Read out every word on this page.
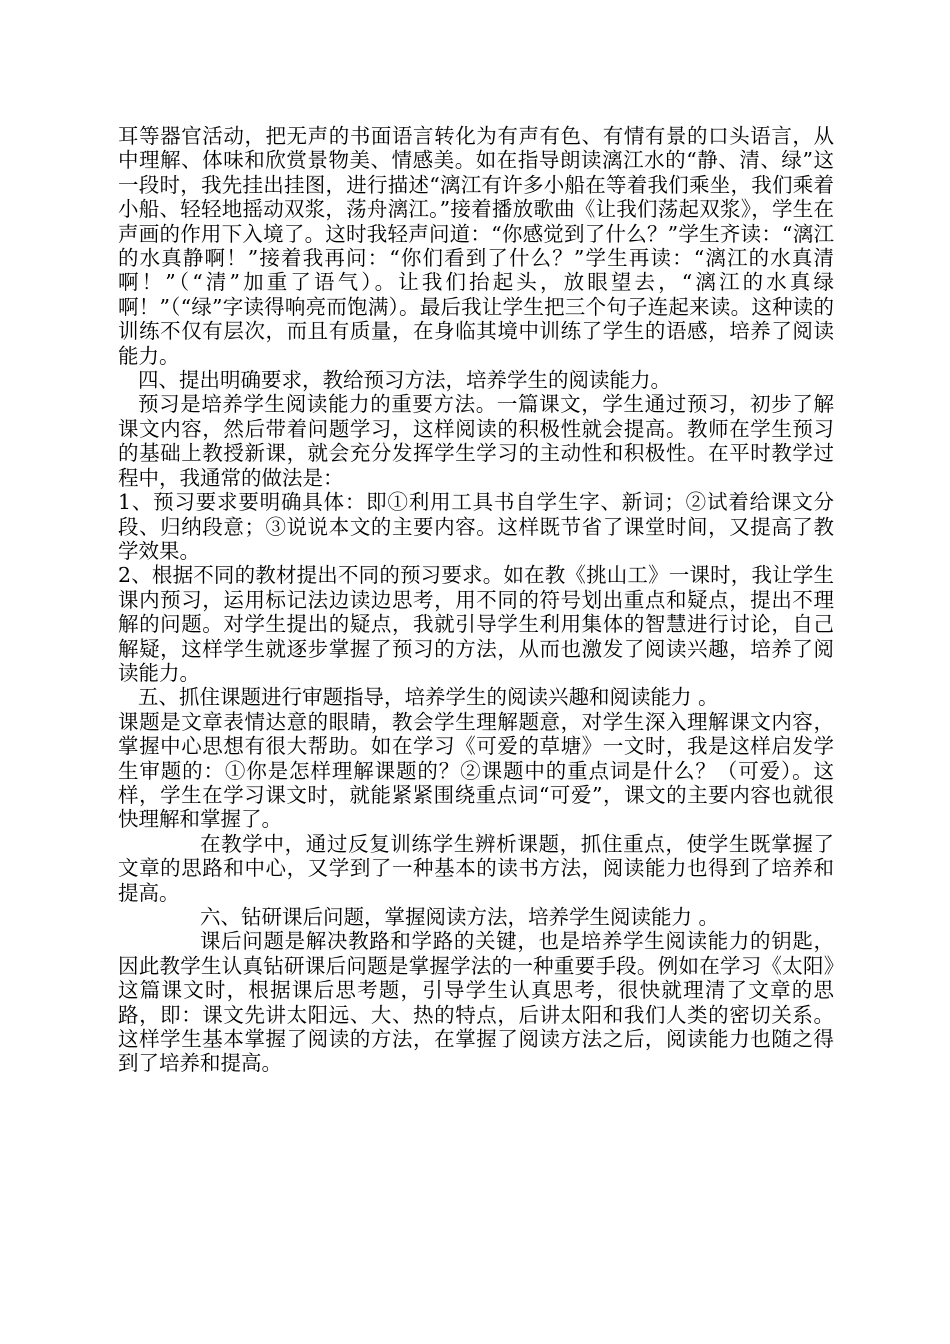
耳等器官活动，把无声的书面语言转化为有声有色、有情有景的口头语言，从中理解、体味和欣赏景物美、情感美。如在指导朗读漓江水的“静、清、绿”这一段时，我先挂出挂图，进行描述“漓江有许多小船在等着我们乘坐，我们乘着小船、轻轻地摇动双浆，荡舟漓江。”接着播放歌曲《让我们荡起双浆》，学生在声画的作用下入境了。这时我轻声问道：“你感觉到了什么？”学生齐读：“漓江的水真静啊！”接着我再问：“你们看到了什么？”学生再读：“漓江的水真清啊！”（“清”加重了语气）。让我们抬起头，放眼望去，“漓江的水真绿啊！”（“绿”字读得响亮而饱满）。最后我让学生把三个句子连起来读。这种读的训练不仅有层次，而且有质量，在身临其境中训练了学生的语感，培养了阅读能力。

四、提出明确要求，教给预习方法，培养学生的阅读能力。

预习是培养学生阅读能力的重要方法。一篇课文，学生通过预习，初步了解课文内容，然后带着问题学习，这样阅读的积极性就会提高。教师在学生预习的基础上教授新课，就会充分发挥学生学习的主动性和积极性。在平时教学过程中，我通常的做法是：

1、预习要求要明确具体：即①利用工具书自学生字、新词；②试着给课文分段、归纳段意；③说说本文的主要内容。这样既节省了课堂时间，又提高了教学效果。

2、根据不同的教材提出不同的预习要求。如在教《挑山工》一课时，我让学生课内预习，运用标记法边读边思考，用不同的符号划出重点和疑点，提出不理解的问题。对学生提出的疑点，我就引导学生利用集体的智慧进行讨论，自己解疑，这样学生就逐步掌握了预习的方法，从而也激发了阅读兴趣，培养了阅读能力。

五、抓住课题进行审题指导，培养学生的阅读兴趣和阅读能力 。

课题是文章表情达意的眼睛，教会学生理解题意，对学生深入理解课文内容，掌握中心思想有很大帮助。如在学习《可爱的草塘》一文时，我是这样启发学生审题的：①你是怎样理解课题的？②课题中的重点词是什么？（可爱）。这样，学生在学习课文时，就能紧紧围绕重点词“可爱”，课文的主要内容也就很快理解和掌握了。

在教学中，通过反复训练学生辨析课题，抓住重点，使学生既掌握了文章的思路和中心，又学到了一种基本的读书方法，阅读能力也得到了培养和提高。

六、钻研课后问题，掌握阅读方法，培养学生阅读能力 。

课后问题是解决教路和学路的关键，也是培养学生阅读能力的钥匙，因此教学生认真钻研课后问题是掌握学法的一种重要手段。例如在学习《太阳》这篇课文时，根据课后思考题，引导学生认真思考，很快就理清了文章的思路，即：课文先讲太阳远、大、热的特点，后讲太阳和我们人类的密切关系。这样学生基本掌握了阅读的方法，在掌握了阅读方法之后，阅读能力也随之得到了培养和提高。
